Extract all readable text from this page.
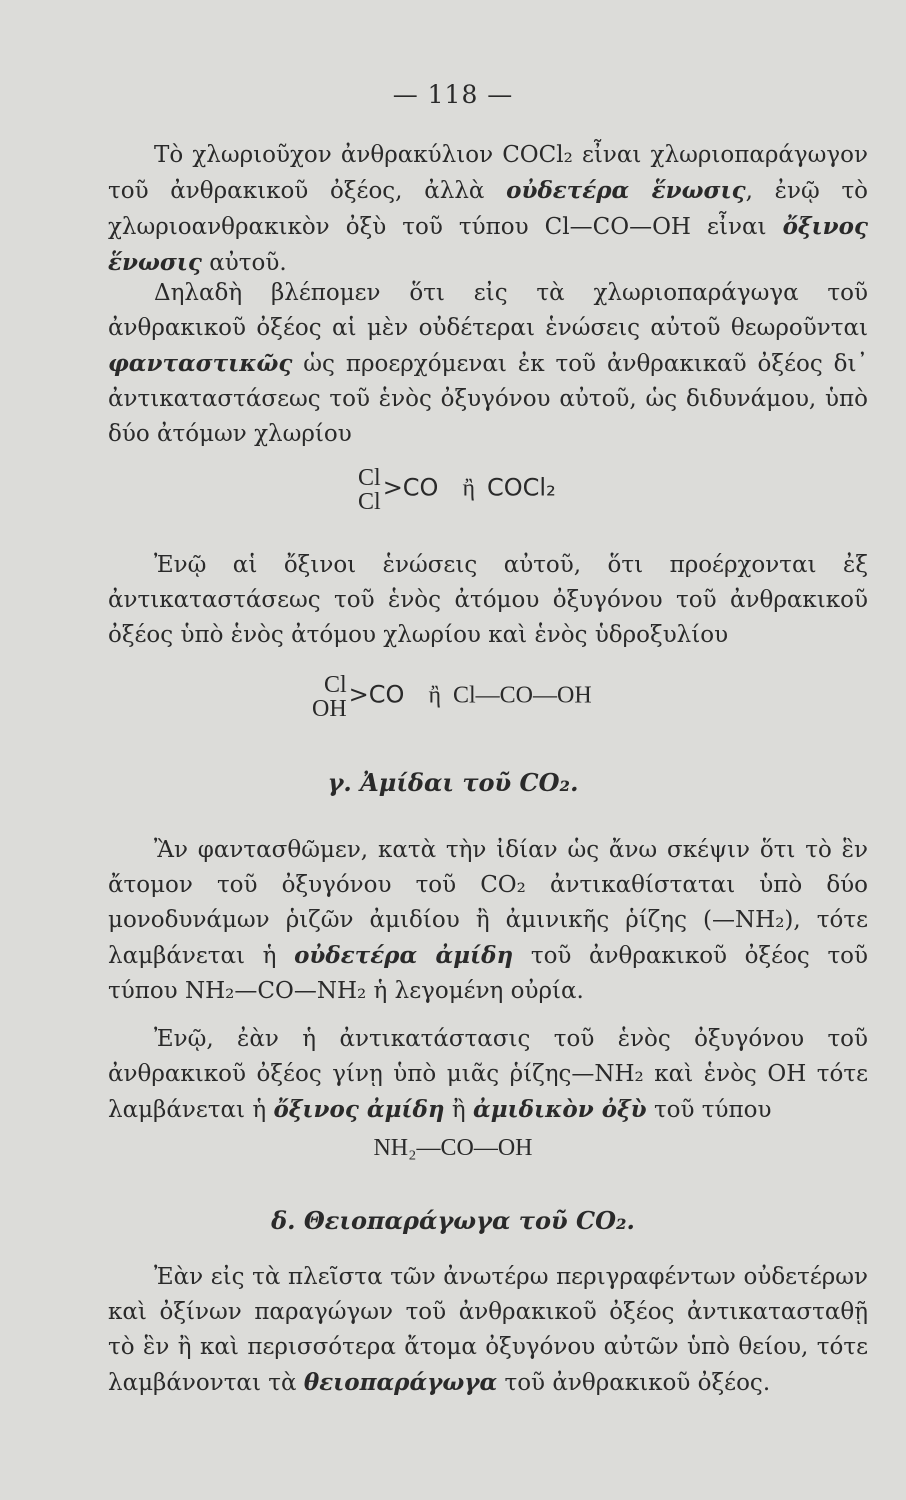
— 118 —
Τὸ χλωριοῦχον ἀνθρακύλιον COCl₂ εἶναι χλωριοπαράγωγον τοῦ ἀνθρακικοῦ ὀξέος, ἀλλὰ οὐδετέρα ἕνωσις, ἐνῷ τὸ χλωριοανθρακικὸν ὀξὺ τοῦ τύπου Cl—CO—OH εἶναι ὄξινος ἕνωσις αὐτοῦ.
Δηλαδὴ βλέπομεν ὅτι εἰς τὰ χλωριοπαράγωγα τοῦ ἀνθρακικοῦ ὀξέος αἱ μὲν οὐδέτεραι ἑνώσεις αὐτοῦ θεωροῦνται φανταστικῶς ὡς προερχόμεναι ἐκ τοῦ ἀνθρακικαῦ ὀξέος δι᾿ ἀντικαταστάσεως τοῦ ἑνὸς ὀξυγόνου αὐτοῦ, ὡς διδυνάμου, ὑπὸ δύο ἀτόμων χλωρίου
Cl
Cl
>CO ἢ COCl₂
Ἐνῷ αἱ ὄξινοι ἑνώσεις αὐτοῦ, ὅτι προέρχονται ἐξ ἀντικαταστάσεως τοῦ ἑνὸς ἀτόμου ὀξυγόνου τοῦ ἀνθρακικοῦ ὀξέος ὑπὸ ἑνὸς ἀτόμου χλωρίου καὶ ἑνὸς ὑδροξυλίου
Cl
OH
>CO ἢ Cl—CO—OH
γ. Ἀμίδαι τοῦ CO₂.
Ἂν φαντασθῶμεν, κατὰ τὴν ἰδίαν ὡς ἄνω σκέψιν ὅτι τὸ ἓν ἄτομον τοῦ ὀξυγόνου τοῦ CO₂ ἀντικαθίσταται ὑπὸ δύο μονοδυνάμων ῥιζῶν ἀμιδίου ἢ ἀμινικῆς ῥίζης (—NH₂), τότε λαμβάνεται ἡ οὐδετέρα ἀμίδη τοῦ ἀνθρακικοῦ ὀξέος τοῦ τύπου NH₂—CO—NH₂ ἡ λεγομένη οὐρία.
Ἐνῷ, ἐὰν ἡ ἀντικατάστασις τοῦ ἑνὸς ὀξυγόνου τοῦ ἀνθρακικοῦ ὀξέος γίνῃ ὑπὸ μιᾶς ῥίζης—NH₂ καὶ ἑνὸς ΟΗ τότε λαμβάνεται ἡ ὄξινος ἀμίδη ἢ ἀμιδικὸν ὀξὺ τοῦ τύπου
NH₂—CO—OH
δ. Θειοπαράγωγα τοῦ CO₂.
Ἐὰν εἰς τὰ πλεῖστα τῶν ἀνωτέρω περιγραφέντων οὐδετέρων καὶ ὀξίνων παραγώγων τοῦ ἀνθρακικοῦ ὀξέος ἀντικατασταθῇ τὸ ἓν ἢ καὶ περισσότερα ἄτομα ὀξυγόνου αὐτῶν ὑπὸ θείου, τότε λαμβάνονται τὰ θειοπαράγωγα τοῦ ἀνθρακικοῦ ὀξέος.
